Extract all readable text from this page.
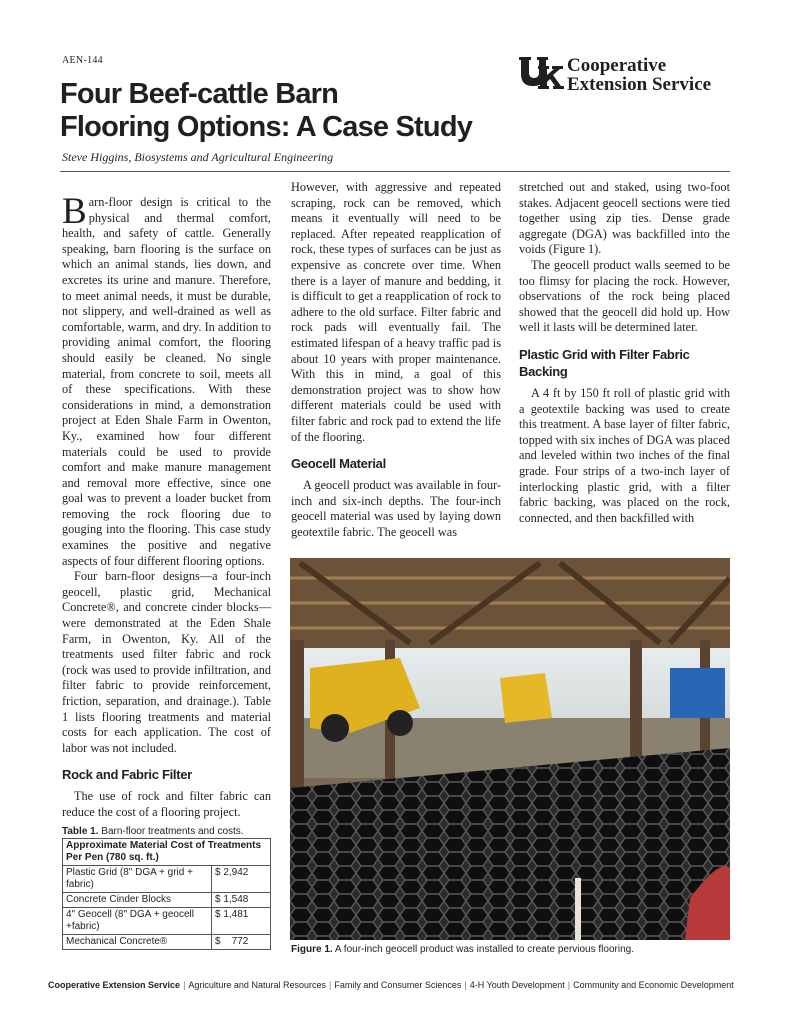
AEN-144
Four Beef-cattle Barn
Flooring Options: A Case Study
Steve Higgins, Biosystems and Agricultural Engineering
Cooperative
Extension Service

Barn-floor design is critical to the physical and thermal comfort, health, and safety of cattle. Generally speaking, barn flooring is the surface on which an animal stands, lies down, and excretes its urine and manure. Therefore, to meet animal needs, it must be durable, not slippery, and well-drained as well as comfortable, warm, and dry. In addition to providing animal comfort, the flooring should easily be cleaned. No single material, from concrete to soil, meets all of these specifications. With these considerations in mind, a demonstration project at Eden Shale Farm in Owenton, Ky., examined how four different materials could be used to provide comfort and make manure management and removal more effective, since one goal was to prevent a loader bucket from removing the rock flooring due to gouging into the flooring. This case study examines the positive and negative aspects of four different flooring options.

Four barn-floor designs—a four-inch geocell, plastic grid, Mechanical Concrete®, and concrete cinder blocks—were demonstrated at the Eden Shale Farm, in Owenton, Ky. All of the treatments used filter fabric and rock (rock was used to provide infiltration, and filter fabric to provide reinforcement, friction, separation, and drainage.). Table 1 lists flooring treatments and material costs for each application. The cost of labor was not included.

Rock and Fabric Filter

The use of rock and filter fabric can reduce the cost of a flooring project.

However, with aggressive and repeated scraping, rock can be removed, which means it eventually will need to be replaced. After repeated reapplication of rock, these types of surfaces can be just as expensive as concrete over time. When there is a layer of manure and bedding, it is difficult to get a reapplication of rock to adhere to the old surface. Filter fabric and rock pads will eventually fail. The estimated lifespan of a heavy traffic pad is about 10 years with proper maintenance. With this in mind, a goal of this demonstration project was to show how different materials could be used with filter fabric and rock pad to extend the life of the flooring.

Geocell Material

A geocell product was available in four-inch and six-inch depths. The four-inch geocell material was used by laying down geotextile fabric. The geocell was

stretched out and staked, using two-foot stakes. Adjacent geocell sections were tied together using zip ties. Dense grade aggregate (DGA) was backfilled into the voids (Figure 1).

The geocell product walls seemed to be too flimsy for placing the rock. However, observations of the rock being placed showed that the geocell did hold up. How well it lasts will be determined later.

Plastic Grid with Filter Fabric Backing

A 4 ft by 150 ft roll of plastic grid with a geotextile backing was used to create this treatment. A base layer of filter fabric, topped with six inches of DGA was placed and leveled within two inches of the final grade. Four strips of a two-inch layer of interlocking plastic grid, with a filter fabric backing, was placed on the rock, connected, and then backfilled with

Table 1. Barn-floor treatments and costs.
Approximate Material Cost of Treatments Per Pen (780 sq. ft.)	
Plastic Grid (8" DGA + grid + fabric)	$ 2,942
Concrete Cinder Blocks	$ 1,548
4" Geocell (8" DGA + geocell +fabric)	$ 1,481
Mechanical Concrete®	$    772
Figure 1. A four-inch geocell product was installed to create pervious flooring.
Cooperative Extension Service | Agriculture and Natural Resources | Family and Consumer Sciences | 4-H Youth Development | Community and Economic Development
